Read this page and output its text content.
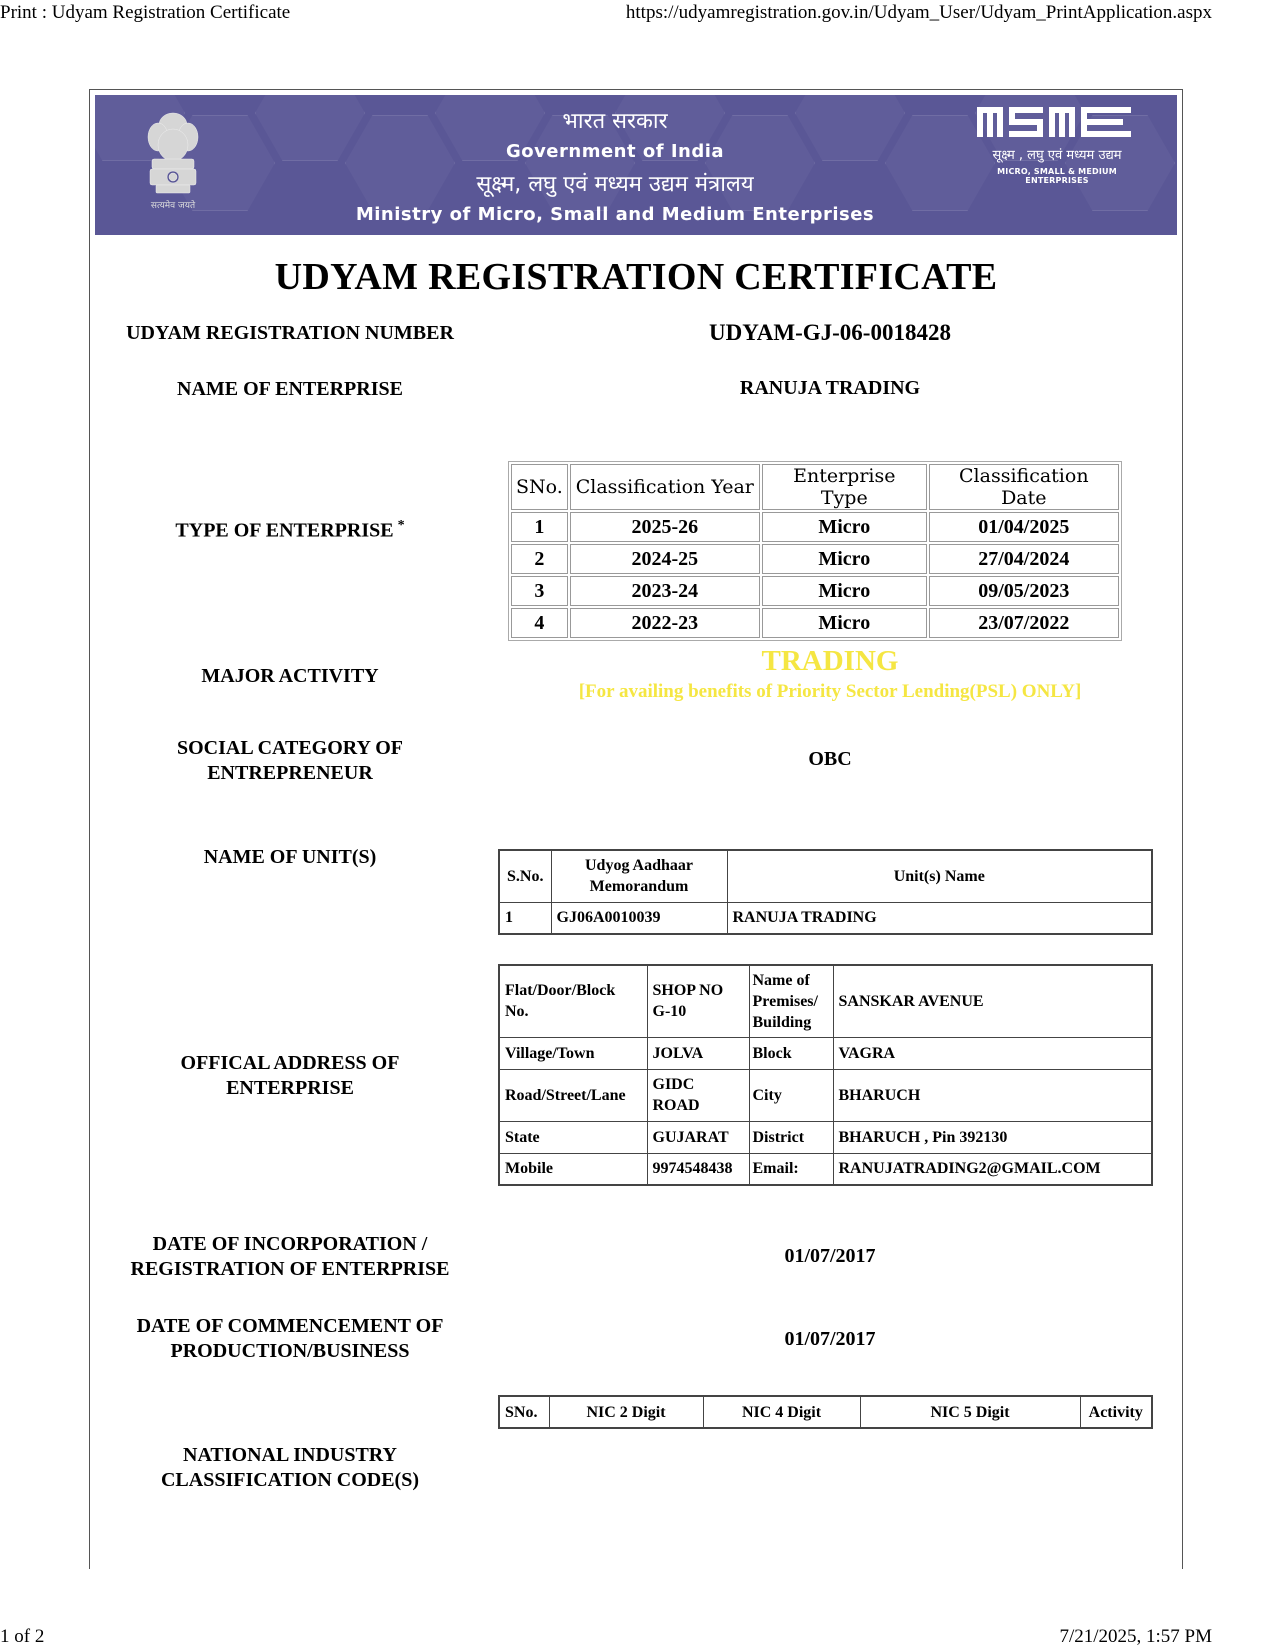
Print : Udyam Registration Certificate	https://udyamregistration.gov.in/Udyam_User/Udyam_PrintApplication.aspx
सत्यमेव जयते
भारत सरकार
Government of India
सूक्ष्म, लघु एवं मध्यम उद्यम मंत्रालय
Ministry of Micro, Small and Medium Enterprises
सूक्ष्म , लघु एवं मध्यम उद्यम
MICRO, SMALL & MEDIUM ENTERPRISES
UDYAM REGISTRATION CERTIFICATE
UDYAM REGISTRATION NUMBER	UDYAM-GJ-06-0018428
NAME OF ENTERPRISE	RANUJA TRADING
TYPE OF ENTERPRISE *
SNo.	Classification Year	Enterprise Type	Classification Date
1	2025-26	Micro	01/04/2025
2	2024-25	Micro	27/04/2024
3	2023-24	Micro	09/05/2023
4	2022-23	Micro	23/07/2022
MAJOR ACTIVITY	TRADING
[For availing benefits of Priority Sector Lending(PSL) ONLY]
SOCIAL CATEGORY OF ENTREPRENEUR
OBC
NAME OF UNIT(S)
S.No.	Udyog Aadhaar Memorandum	Unit(s) Name
1	GJ06A0010039	RANUJA TRADING
OFFICAL ADDRESS OF ENTERPRISE
Flat/Door/Block No.	SHOP NO G-10	Name of Premises/ Building	SANSKAR AVENUE
Village/Town	JOLVA	Block	VAGRA
Road/Street/Lane	GIDC ROAD	City	BHARUCH
State	GUJARAT	District	BHARUCH , Pin 392130
Mobile	9974548438	Email:	RANUJATRADING2@GMAIL.COM
DATE OF INCORPORATION / REGISTRATION OF ENTERPRISE
01/07/2017
DATE OF COMMENCEMENT OF PRODUCTION/BUSINESS
01/07/2017
SNo.	NIC 2 Digit	NIC 4 Digit	NIC 5 Digit	Activity
NATIONAL INDUSTRY CLASSIFICATION CODE(S)
1 of 2	7/21/2025, 1:57 PM
